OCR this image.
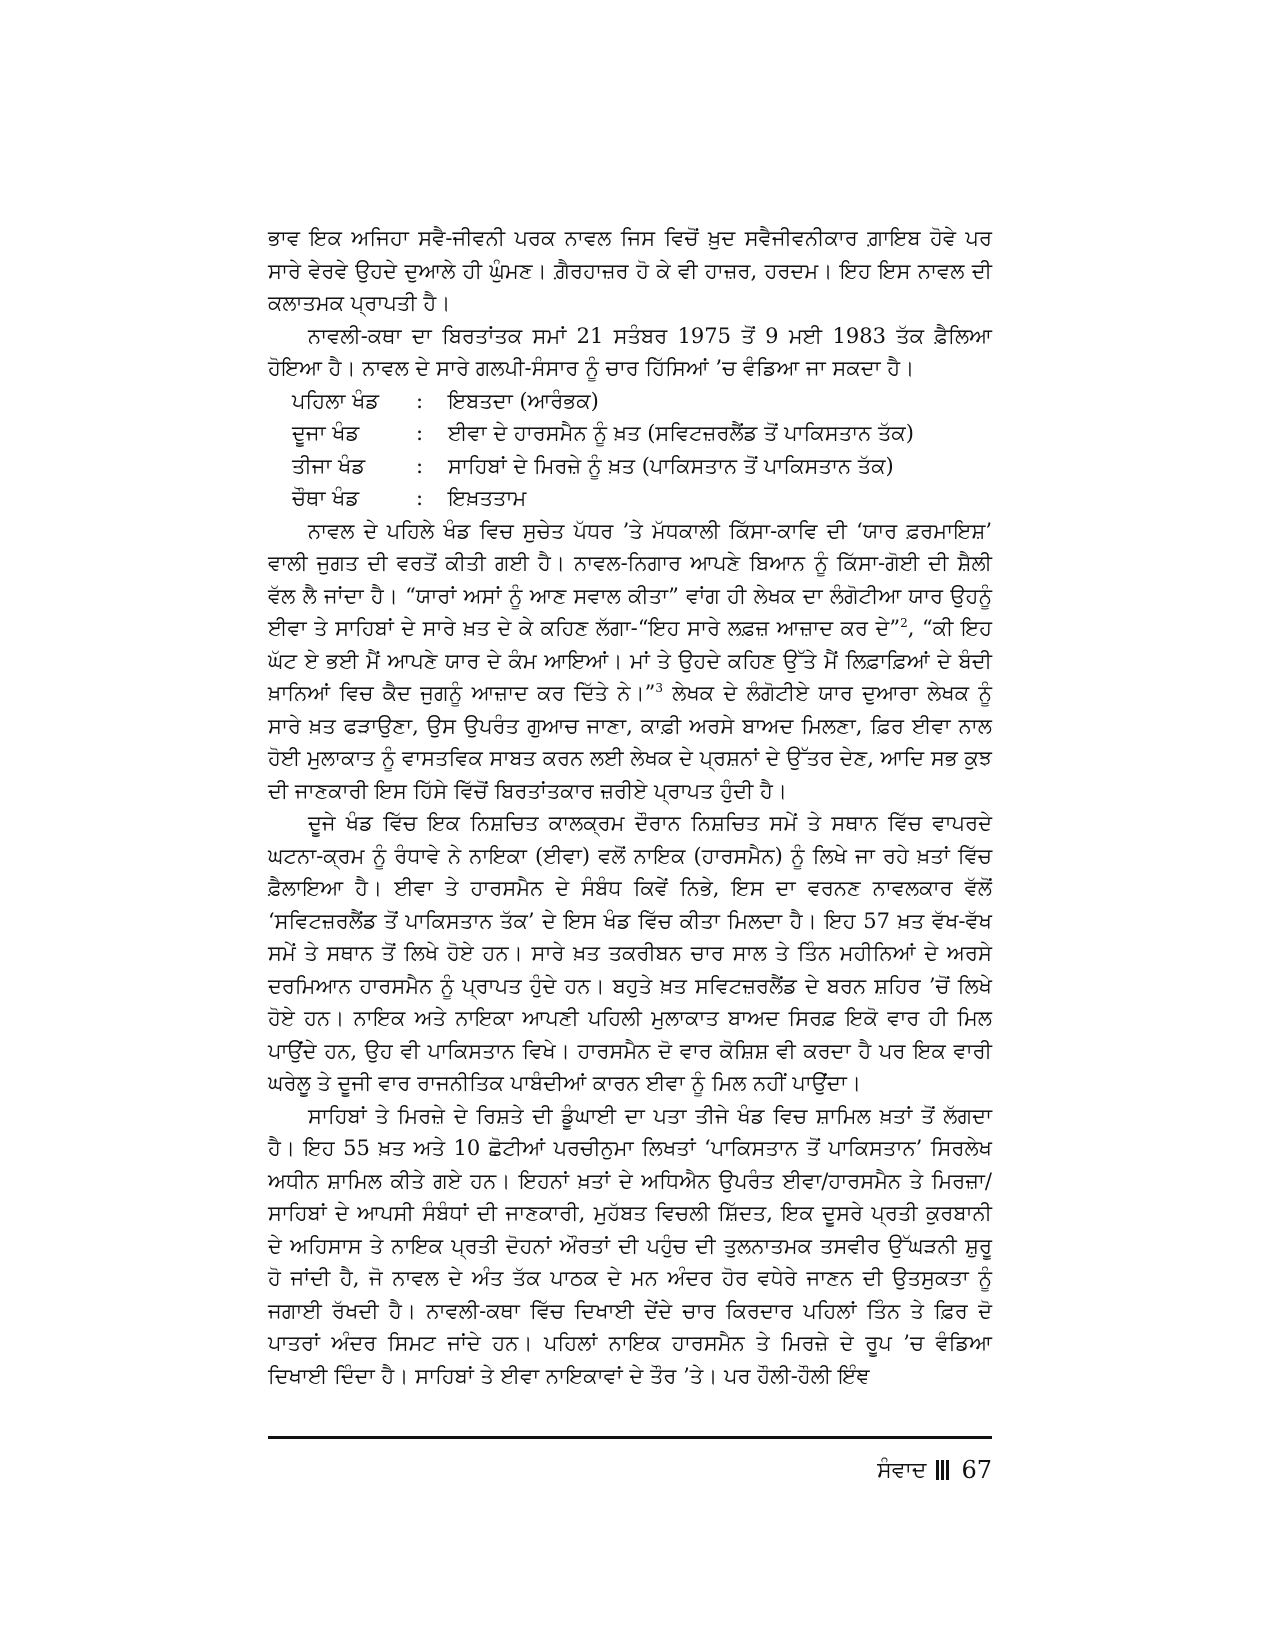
ਭਾਵ ਇਕ ਅਜਿਹਾ ਸਵੈ-ਜੀਵਨੀ ਪਰਕ ਨਾਵਲ ਜਿਸ ਵਿਚੋਂ ਖ਼ੁਦ ਸਵੈਜੀਵਨੀਕਾਰ ਗ਼ਾਇਬ ਹੋਵੇ ਪਰ ਸਾਰੇ ਵੇਰਵੇ ਉਹਦੇ ਦੁਆਲੇ ਹੀ ਘੁੰਮਣ। ਗ਼ੈਰਹਾਜ਼ਰ ਹੋ ਕੇ ਵੀ ਹਾਜ਼ਰ, ਹਰਦਮ। ਇਹ ਇਸ ਨਾਵਲ ਦੀ ਕਲਾਤਮਕ ਪ੍ਰਾਪਤੀ ਹੈ।

ਨਾਵਲੀ-ਕਥਾ ਦਾ ਬਿਰਤਾਂਤਕ ਸਮਾਂ 21 ਸਤੰਬਰ 1975 ਤੋਂ 9 ਮਈ 1983 ਤੱਕ ਫ਼ੈਲਿਆ ਹੋਇਆ ਹੈ। ਨਾਵਲ ਦੇ ਸਾਰੇ ਗਲਪੀ-ਸੰਸਾਰ ਨੂੰ ਚਾਰ ਹਿੱਸਿਆਂ ’ਚ ਵੰਡਿਆ ਜਾ ਸਕਦਾ ਹੈ।

ਪਹਿਲਾ ਖੰਡ	:	ਇਬਤਦਾ (ਆਰੰਭਕ)
ਦੂਜਾ ਖੰਡ	:	ਈਵਾ ਦੇ ਹਾਰਸਮੈਨ ਨੂੰ ਖ਼ਤ (ਸਵਿਟਜ਼ਰਲੈਂਡ ਤੋਂ ਪਾਕਿਸਤਾਨ ਤੱਕ)
ਤੀਜਾ ਖੰਡ	:	ਸਾਹਿਬਾਂ ਦੇ ਮਿਰਜ਼ੇ ਨੂੰ ਖ਼ਤ (ਪਾਕਿਸਤਾਨ ਤੋਂ ਪਾਕਿਸਤਾਨ ਤੱਕ)
ਚੌਥਾ ਖੰਡ	:	ਇਖ਼ਤਤਾਮ

ਨਾਵਲ ਦੇ ਪਹਿਲੇ ਖੰਡ ਵਿਚ ਸੁਚੇਤ ਪੱਧਰ ’ਤੇ ਮੱਧਕਾਲੀ ਕਿੱਸਾ-ਕਾਵਿ ਦੀ ‘ਯਾਰ ਫ਼ਰਮਾਇਸ਼’ ਵਾਲੀ ਜੁਗਤ ਦੀ ਵਰਤੋਂ ਕੀਤੀ ਗਈ ਹੈ। ਨਾਵਲ-ਨਿਗਾਰ ਆਪਣੇ ਬਿਆਨ ਨੂੰ ਕਿੱਸਾ-ਗੋਈ ਦੀ ਸ਼ੈਲੀ ਵੱਲ ਲੈ ਜਾਂਦਾ ਹੈ। “ਯਾਰਾਂ ਅਸਾਂ ਨੂੰ ਆਣ ਸਵਾਲ ਕੀਤਾ” ਵਾਂਗ ਹੀ ਲੇਖਕ ਦਾ ਲੰਗੋਟੀਆ ਯਾਰ ਉਹਨੂੰ ਈਵਾ ਤੇ ਸਾਹਿਬਾਂ ਦੇ ਸਾਰੇ ਖ਼ਤ ਦੇ ਕੇ ਕਹਿਣ ਲੱਗਾ-“ਇਹ ਸਾਰੇ ਲਫ਼ਜ਼ ਆਜ਼ਾਦ ਕਰ ਦੇ”$^2$, “ਕੀ ਇਹ ਘੱਟ ਏ ਭਈ ਮੈਂ ਆਪਣੇ ਯਾਰ ਦੇ ਕੰਮ ਆਇਆਂ। ਮਾਂ ਤੇ ਉਹਦੇ ਕਹਿਣ ਉੱਤੇ ਮੈਂ ਲਿਫ਼ਾਫ਼ਿਆਂ ਦੇ ਬੰਦੀ ਖ਼ਾਨਿਆਂ ਵਿਚ ਕੈਦ ਜੁਗਨੂੰ ਆਜ਼ਾਦ ਕਰ ਦਿੱਤੇ ਨੇ।”$^3$ ਲੇਖਕ ਦੇ ਲੰਗੋਟੀਏ ਯਾਰ ਦੁਆਰਾ ਲੇਖਕ ਨੂੰ ਸਾਰੇ ਖ਼ਤ ਫੜਾਉਣਾ, ਉਸ ਉਪਰੰਤ ਗੁਆਚ ਜਾਣਾ, ਕਾਫ਼ੀ ਅਰਸੇ ਬਾਅਦ ਮਿਲਣਾ, ਫ਼ਿਰ ਈਵਾ ਨਾਲ ਹੋਈ ਮੁਲਾਕਾਤ ਨੂੰ ਵਾਸਤਵਿਕ ਸਾਬਤ ਕਰਨ ਲਈ ਲੇਖਕ ਦੇ ਪ੍ਰਸ਼ਨਾਂ ਦੇ ਉੱਤਰ ਦੇਣ, ਆਦਿ ਸਭ ਕੁਝ ਦੀ ਜਾਣਕਾਰੀ ਇਸ ਹਿੱਸੇ ਵਿੱਚੋਂ ਬਿਰਤਾਂਤਕਾਰ ਜ਼ਰੀਏ ਪ੍ਰਾਪਤ ਹੁੰਦੀ ਹੈ।

ਦੂਜੇ ਖੰਡ ਵਿੱਚ ਇਕ ਨਿਸ਼ਚਿਤ ਕਾਲਕ੍ਰਮ ਦੌਰਾਨ ਨਿਸ਼ਚਿਤ ਸਮੇਂ ਤੇ ਸਥਾਨ ਵਿੱਚ ਵਾਪਰਦੇ ਘਟਨਾ-ਕ੍ਰਮ ਨੂੰ ਰੰਧਾਵੇ ਨੇ ਨਾਇਕਾ (ਈਵਾ) ਵਲੋਂ ਨਾਇਕ (ਹਾਰਸਮੈਨ) ਨੂੰ ਲਿਖੇ ਜਾ ਰਹੇ ਖ਼ਤਾਂ ਵਿੱਚ ਫ਼ੈਲਾਇਆ ਹੈ। ਈਵਾ ਤੇ ਹਾਰਸਮੈਨ ਦੇ ਸੰਬੰਧ ਕਿਵੇਂ ਨਿਭੇ, ਇਸ ਦਾ ਵਰਨਣ ਨਾਵਲਕਾਰ ਵੱਲੋਂ ‘ਸਵਿਟਜ਼ਰਲੈਂਡ ਤੋਂ ਪਾਕਿਸਤਾਨ ਤੱਕ’ ਦੇ ਇਸ ਖੰਡ ਵਿੱਚ ਕੀਤਾ ਮਿਲਦਾ ਹੈ। ਇਹ 57 ਖ਼ਤ ਵੱਖ-ਵੱਖ ਸਮੇਂ ਤੇ ਸਥਾਨ ਤੋਂ ਲਿਖੇ ਹੋਏ ਹਨ। ਸਾਰੇ ਖ਼ਤ ਤਕਰੀਬਨ ਚਾਰ ਸਾਲ ਤੇ ਤਿੰਨ ਮਹੀਨਿਆਂ ਦੇ ਅਰਸੇ ਦਰਮਿਆਨ ਹਾਰਸਮੈਨ ਨੂੰ ਪ੍ਰਾਪਤ ਹੁੰਦੇ ਹਨ। ਬਹੁਤੇ ਖ਼ਤ ਸਵਿਟਜ਼ਰਲੈਂਡ ਦੇ ਬਰਨ ਸ਼ਹਿਰ ’ਚੋਂ ਲਿਖੇ ਹੋਏ ਹਨ। ਨਾਇਕ ਅਤੇ ਨਾਇਕਾ ਆਪਣੀ ਪਹਿਲੀ ਮੁਲਾਕਾਤ ਬਾਅਦ ਸਿਰਫ਼ ਇਕੋ ਵਾਰ ਹੀ ਮਿਲ ਪਾਉਂਦੇ ਹਨ, ਉਹ ਵੀ ਪਾਕਿਸਤਾਨ ਵਿਖੇ। ਹਾਰਸਮੈਨ ਦੋ ਵਾਰ ਕੋਸ਼ਿਸ਼ ਵੀ ਕਰਦਾ ਹੈ ਪਰ ਇਕ ਵਾਰੀ ਘਰੇਲੂ ਤੇ ਦੂਜੀ ਵਾਰ ਰਾਜਨੀਤਿਕ ਪਾਬੰਦੀਆਂ ਕਾਰਨ ਈਵਾ ਨੂੰ ਮਿਲ ਨਹੀਂ ਪਾਉਂਦਾ।

ਸਾਹਿਬਾਂ ਤੇ ਮਿਰਜ਼ੇ ਦੇ ਰਿਸ਼ਤੇ ਦੀ ਡੂੰਘਾਈ ਦਾ ਪਤਾ ਤੀਜੇ ਖੰਡ ਵਿਚ ਸ਼ਾਮਿਲ ਖ਼ਤਾਂ ਤੋਂ ਲੱਗਦਾ ਹੈ। ਇਹ 55 ਖ਼ਤ ਅਤੇ 10 ਛੋਟੀਆਂ ਪਰਚੀਨੁਮਾ ਲਿਖਤਾਂ ‘ਪਾਕਿਸਤਾਨ ਤੋਂ ਪਾਕਿਸਤਾਨ’ ਸਿਰਲੇਖ ਅਧੀਨ ਸ਼ਾਮਿਲ ਕੀਤੇ ਗਏ ਹਨ। ਇਹਨਾਂ ਖ਼ਤਾਂ ਦੇ ਅਧਿਐਨ ਉਪਰੰਤ ਈਵਾ/ਹਾਰਸਮੈਨ ਤੇ ਮਿਰਜ਼ਾ/ਸਾਹਿਬਾਂ ਦੇ ਆਪਸੀ ਸੰਬੰਧਾਂ ਦੀ ਜਾਣਕਾਰੀ, ਮੁਹੱਬਤ ਵਿਚਲੀ ਸ਼ਿੱਦਤ, ਇਕ ਦੂਸਰੇ ਪ੍ਰਤੀ ਕੁਰਬਾਨੀ ਦੇ ਅਹਿਸਾਸ ਤੇ ਨਾਇਕ ਪ੍ਰਤੀ ਦੋਹਨਾਂ ਔਰਤਾਂ ਦੀ ਪਹੁੰਚ ਦੀ ਤੁਲਨਾਤਮਕ ਤਸਵੀਰ ਉੱਘੜਨੀ ਸ਼ੁਰੂ ਹੋ ਜਾਂਦੀ ਹੈ, ਜੋ ਨਾਵਲ ਦੇ ਅੰਤ ਤੱਕ ਪਾਠਕ ਦੇ ਮਨ ਅੰਦਰ ਹੋਰ ਵਧੇਰੇ ਜਾਣਨ ਦੀ ਉਤਸੁਕਤਾ ਨੂੰ ਜਗਾਈ ਰੱਖਦੀ ਹੈ। ਨਾਵਲੀ-ਕਥਾ ਵਿੱਚ ਦਿਖਾਈ ਦੇਂਦੇ ਚਾਰ ਕਿਰਦਾਰ ਪਹਿਲਾਂ ਤਿੰਨ ਤੇ ਫ਼ਿਰ ਦੋ ਪਾਤਰਾਂ ਅੰਦਰ ਸਿਮਟ ਜਾਂਦੇ ਹਨ। ਪਹਿਲਾਂ ਨਾਇਕ ਹਾਰਸਮੈਨ ਤੇ ਮਿਰਜ਼ੇ ਦੇ ਰੂਪ ’ਚ ਵੰਡਿਆ ਦਿਖਾਈ ਦਿੰਦਾ ਹੈ। ਸਾਹਿਬਾਂ ਤੇ ਈਵਾ ਨਾਇਕਾਵਾਂ ਦੇ ਤੌਰ ’ਤੇ। ਪਰ ਹੌਲੀ-ਹੌਲੀ ਇੰਞ

ਸੰਵਾਦ 67
